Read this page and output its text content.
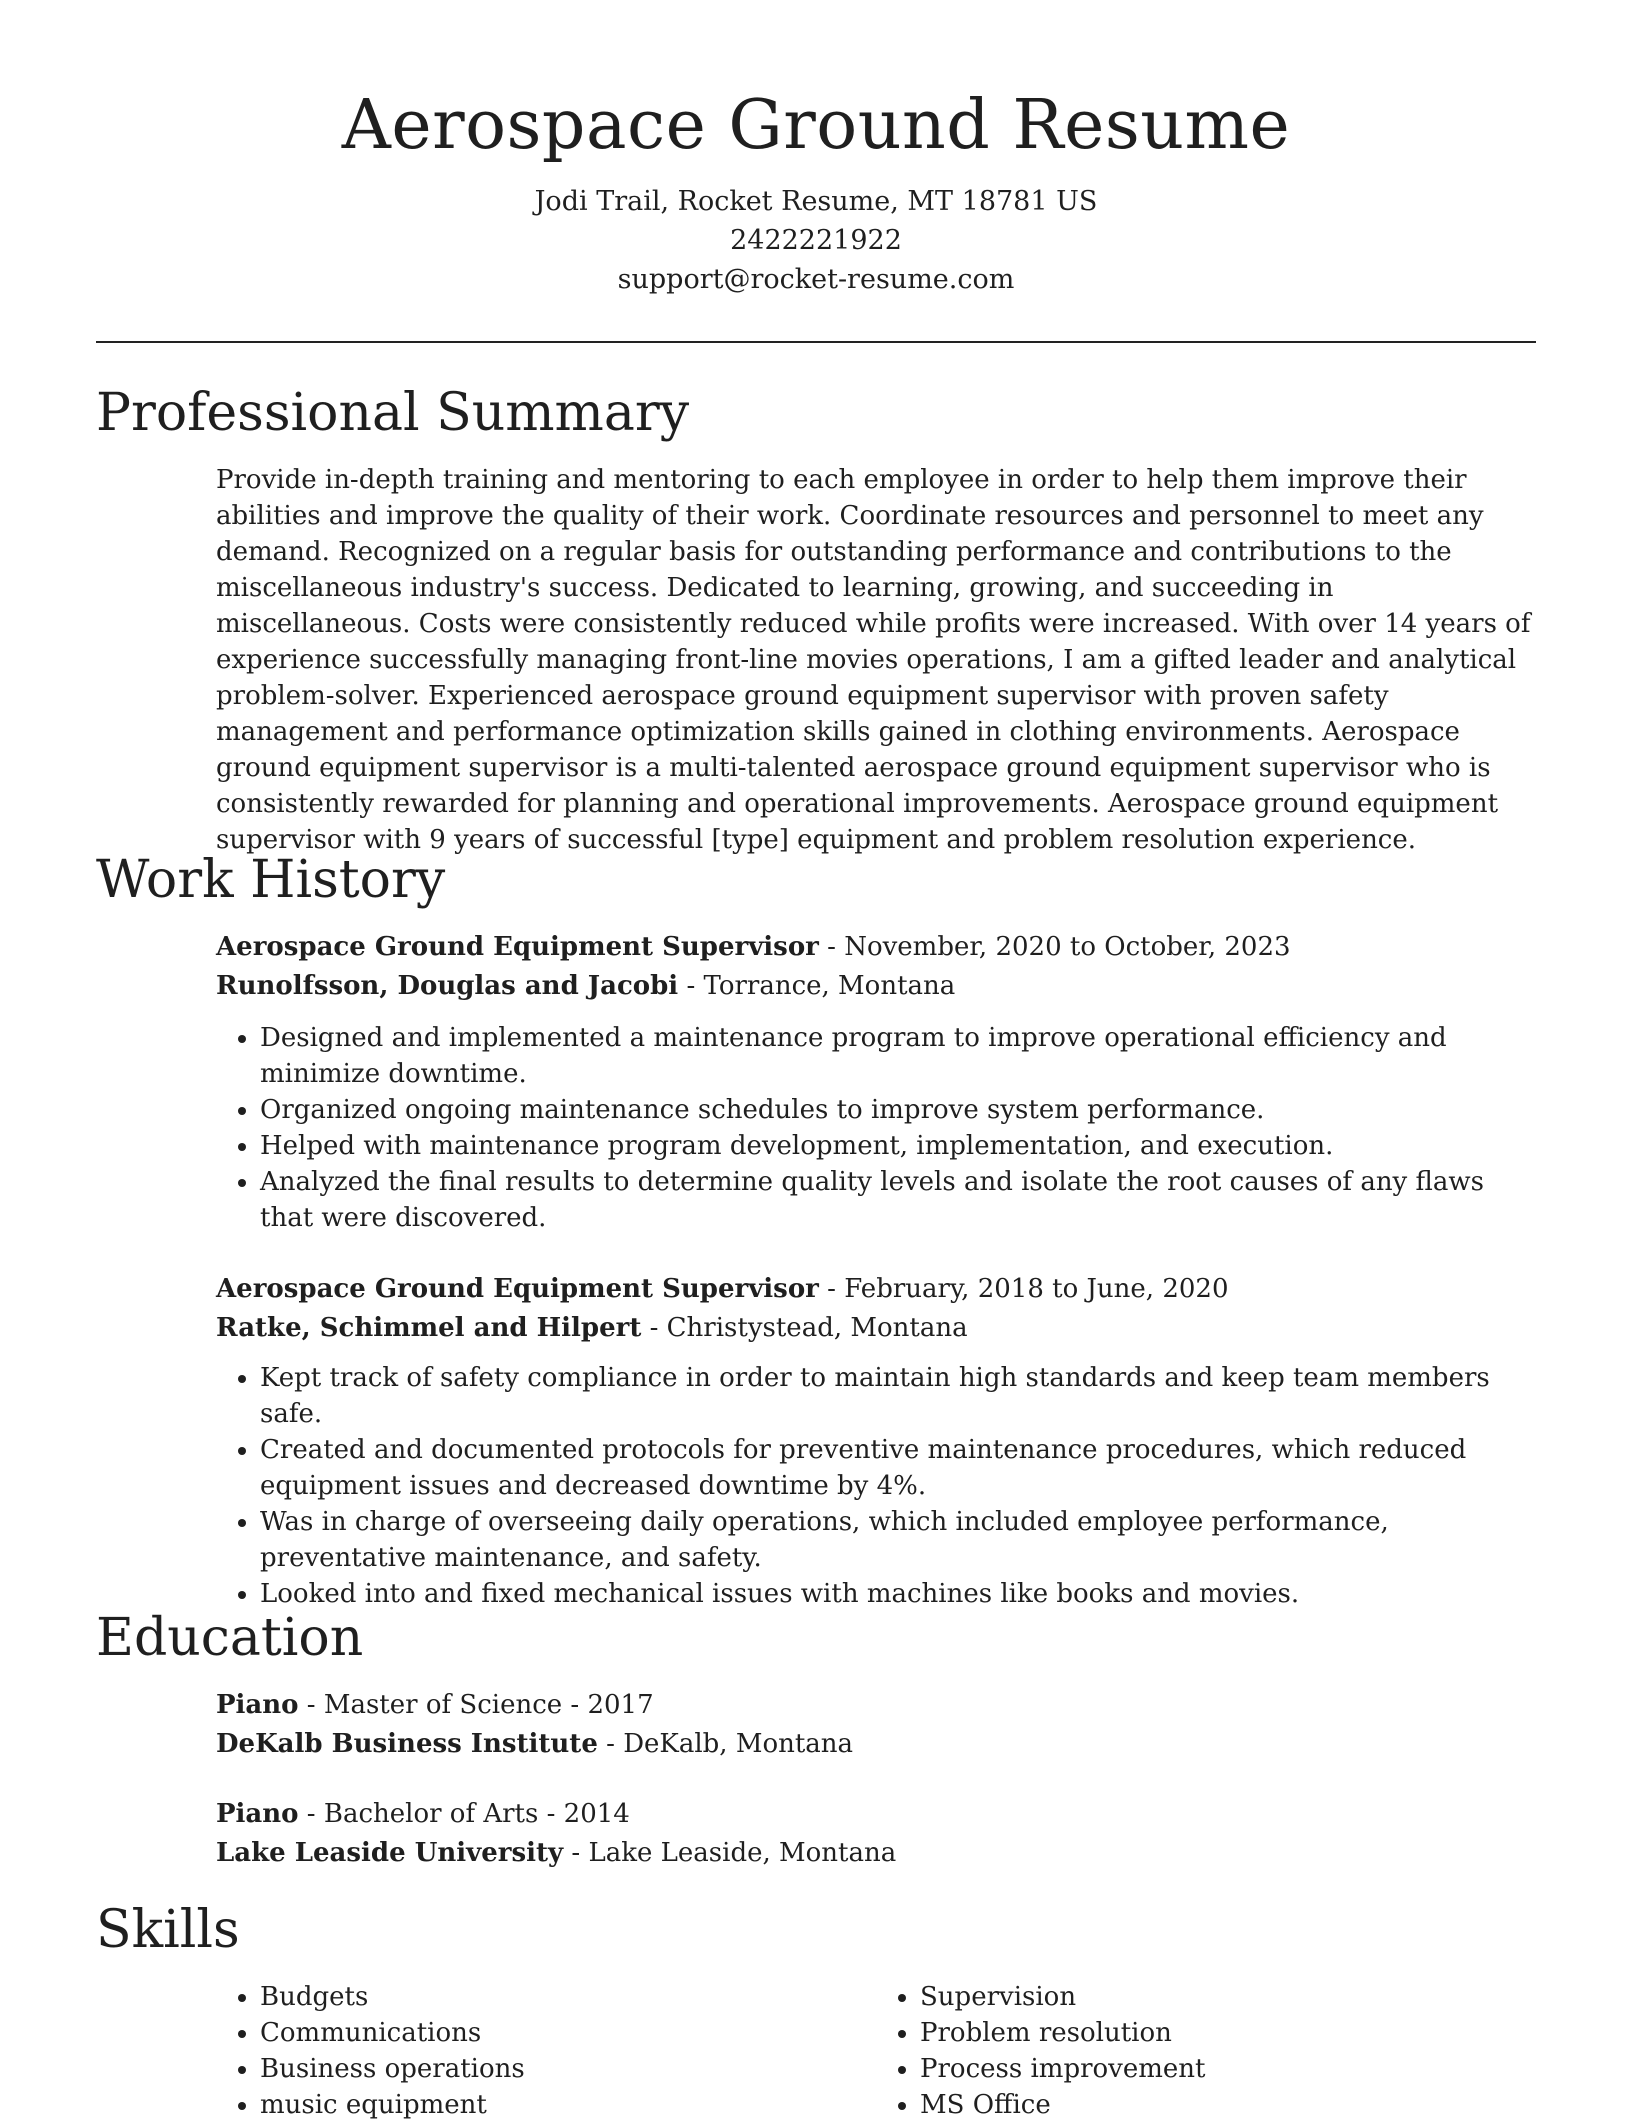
Aerospace Ground Resume
Jodi Trail, Rocket Resume, MT 18781 US
2422221922
support@rocket-resume.com
Professional Summary

Provide in-depth training and mentoring to each employee in order to help them improve their abilities and improve the quality of their work. Coordinate resources and personnel to meet any demand. Recognized on a regular basis for outstanding performance and contributions to the miscellaneous industry's success. Dedicated to learning, growing, and succeeding in miscellaneous. Costs were consistently reduced while profits were increased. With over 14 years of experience successfully managing front-line movies operations, I am a gifted leader and analytical problem-solver. Experienced aerospace ground equipment supervisor with proven safety management and performance optimization skills gained in clothing environments. Aerospace ground equipment supervisor is a multi-talented aerospace ground equipment supervisor who is consistently rewarded for planning and operational improvements. Aerospace ground equipment supervisor with 9 years of successful [type] equipment and problem resolution experience.

Work History

Aerospace Ground Equipment Supervisor - November, 2020 to October, 2023

Runolfsson, Douglas and Jacobi - Torrance, Montana

• Designed and implemented a maintenance program to improve operational efficiency and minimize downtime.
• Organized ongoing maintenance schedules to improve system performance.
• Helped with maintenance program development, implementation, and execution.
• Analyzed the final results to determine quality levels and isolate the root causes of any flaws that were discovered.

Aerospace Ground Equipment Supervisor - February, 2018 to June, 2020

Ratke, Schimmel and Hilpert - Christystead, Montana

• Kept track of safety compliance in order to maintain high standards and keep team members safe.
• Created and documented protocols for preventive maintenance procedures, which reduced equipment issues and decreased downtime by 4%.
• Was in charge of overseeing daily operations, which included employee performance, preventative maintenance, and safety.
• Looked into and fixed mechanical issues with machines like books and movies.
Education

Piano - Master of Science - 2017

DeKalb Business Institute - DeKalb, Montana

Piano - Bachelor of Arts - 2014

Lake Leaside University - Lake Leaside, Montana

Skills
• Budgets
• Communications
• Business operations
• music equipment
• Supervision
• Problem resolution
• Process improvement
• MS Office
